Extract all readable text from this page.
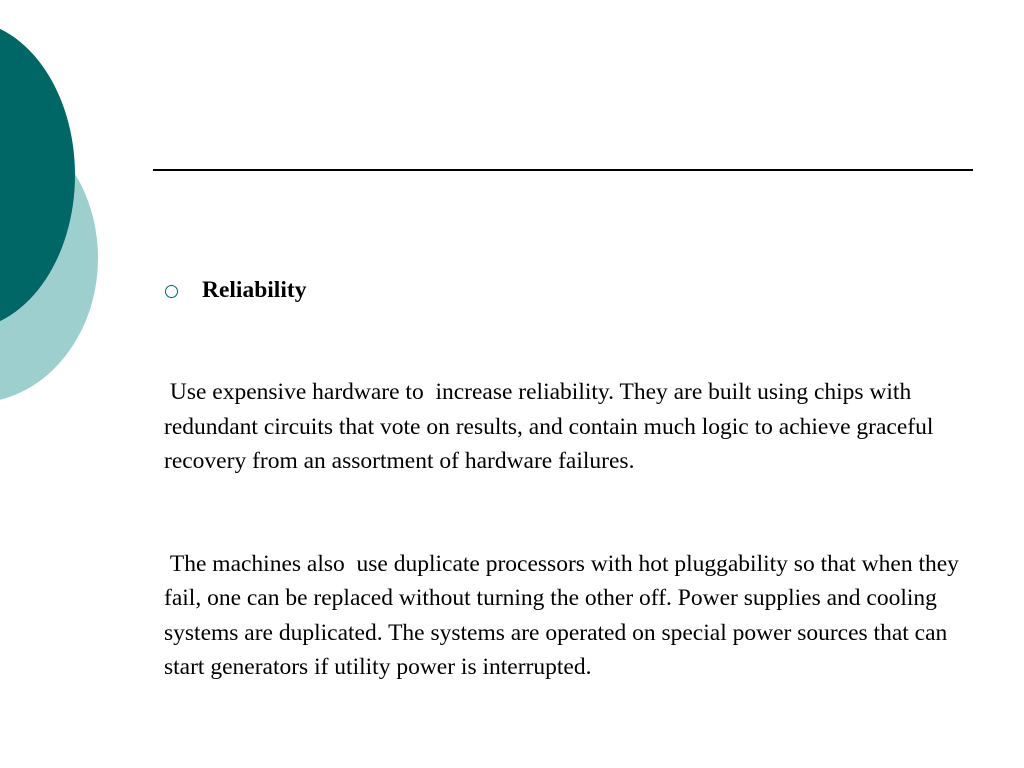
Reliability

Use expensive hardware to  increase reliability. They are built using chips with redundant circuits that vote on results, and contain much logic to achieve graceful  recovery from an assortment of hardware failures.

The machines also  use duplicate processors with hot pluggability so that when they fail, one can be replaced without turning the other off. Power supplies and cooling systems are duplicated. The systems are operated on special power sources that can start generators if utility power is interrupted.
